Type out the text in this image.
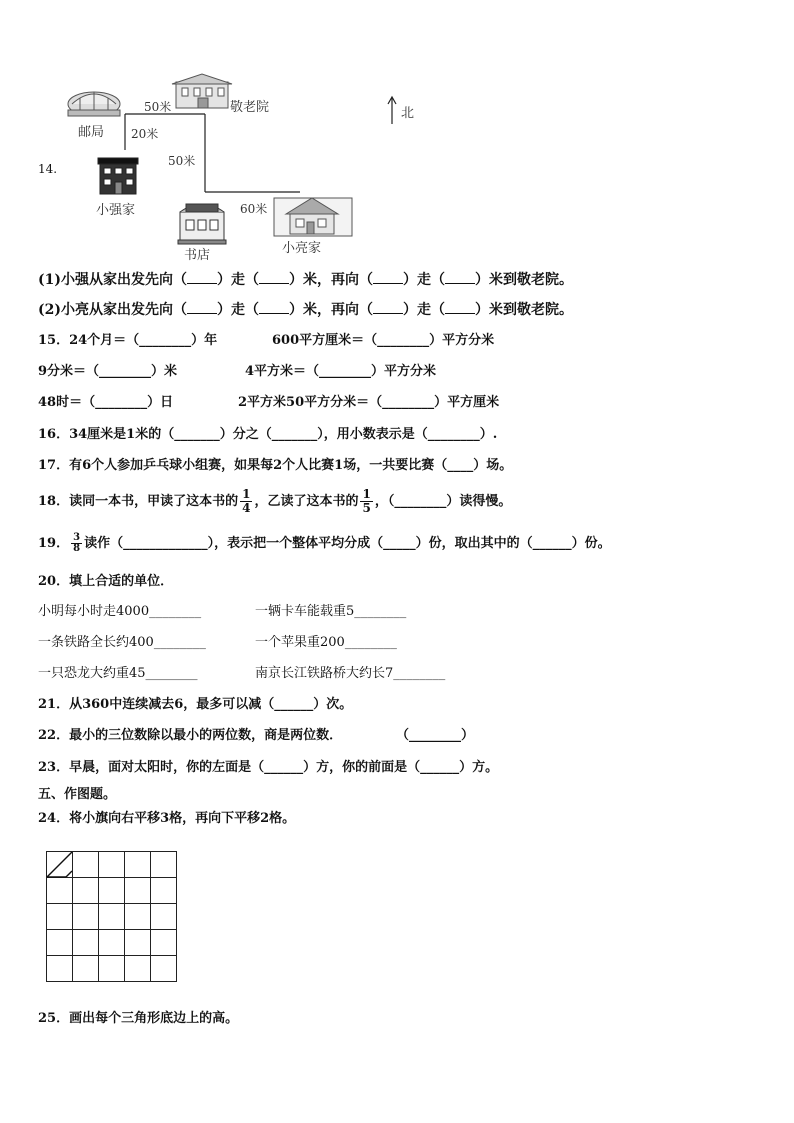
14.
邮局
敬老院
小强家
书店	小亮家
北
50米
20米
50米
60米
(1)小强从家出发先向（ ）走（ ）米，再向（ ）走（ ）米到敬老院。
(2)小亮从家出发先向（ ）走（ ）米，再向（ ）走（ ）米到敬老院。
15．24个月＝（________）年	600平方厘米＝（________）平方分米
9分米＝（________）米	4平方米＝（________）平方分米
48时＝（________）日	2平方米50平方分米＝（________）平方厘米
16．34厘米是1米的（_______）分之（_______），用小数表示是（________）.
17．有6个人参加乒乓球小组赛，如果每2个人比赛1场，一共要比赛（____）场。
18．读同一本书，甲读了这本书的 $\frac{1}{4}$ ，乙读了这本书的 $\frac{1}{5}$ ，（________）读得慢。
19． $\frac{3}{8}$ 读作（_____________），表示把一个整体平均分成（_____）份，取出其中的（______）份。
20．填上合适的单位．
小明每小时走4000________	一辆卡车能载重5________
一条铁路全长约400________	一个苹果重200________
一只恐龙大约重45________	南京长江铁路桥大约长7________
21．从360中连续减去6，最多可以减（______）次。
22．最小的三位数除以最小的两位数，商是两位数．	（________）
23．早晨，面对太阳时，你的左面是（______）方，你的前面是（______）方。
五、作图题。
24．将小旗向右平移3格，再向下平移2格。
25．画出每个三角形底边上的高。
